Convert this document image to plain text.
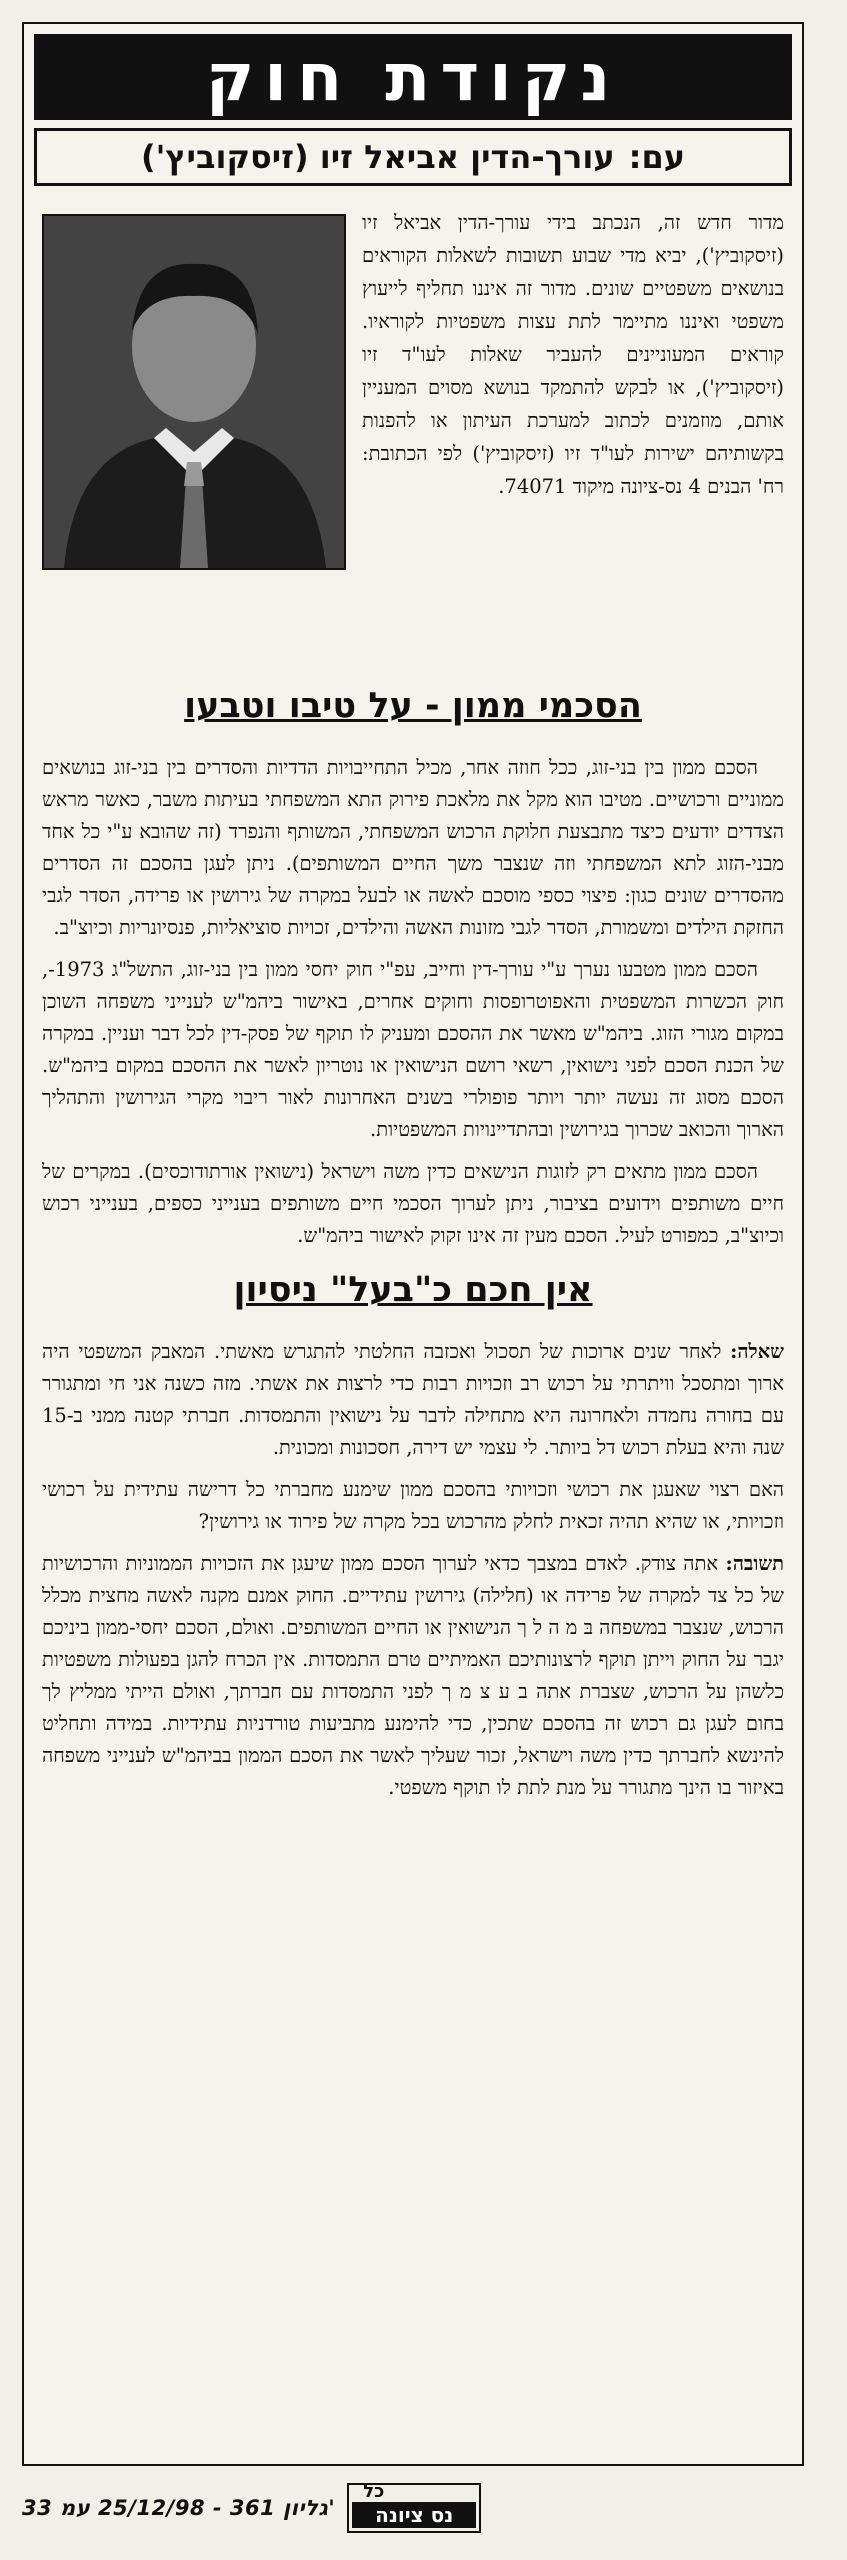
נקודת חוק
עם:
עורך-הדין אביאל זיו (זיסקוביץ')
מדור חדש זה, הנכתב בידי עורך-הדין אביאל זיו (זיסקוביץ'), יביא מדי שבוע תשובות לשאלות הקוראים בנושאים משפטיים שונים. מדור זה איננו תחליף לייעוץ משפטי ואיננו מתיימר לתת עצות משפטיות לקוראיו. קוראים המעוניינים להעביר שאלות לעו"ד זיו (זיסקוביץ'), או לבקש להתמקד בנושא מסוים המעניין אותם, מוזמנים לכתוב למערכת העיתון או להפנות בקשותיהם ישירות לעו"ד זיו (זיסקוביץ') לפי הכתובת: רח' הבנים 4 נס-ציונה מיקוד 74071.
הסכמי ממון - על טיבו וטבעו

הסכם ממון בין בני-זוג, ככל חוזה אחר, מכיל התחייבויות הדדיות והסדרים בין בני-זוג בנושאים ממוניים ורכושיים. מטיבו הוא מקל את מלאכת פירוק התא המשפחתי בעיתות משבר, כאשר מראש הצדדים יודעים כיצד מתבצעת חלוקת הרכוש המשפחתי, המשותף והנפרד (זה שהובא ע"י כל אחד מבני-הזוג לתא המשפחתי וזה שנצבר משך החיים המשותפים). ניתן לעגן בהסכם זה הסדרים מהסדרים שונים כגון: פיצוי כספי מוסכם לאשה או לבעל במקרה של גירושין או פרידה, הסדר לגבי החזקת הילדים ומשמורת, הסדר לגבי מזונות האשה והילדים, זכויות סוציאליות, פנסיונריות וכיוצ"ב.

הסכם ממון מטבעו נערך ע"י עורך-דין וחייב, עפ"י חוק יחסי ממון בין בני-זוג, התשל"ג 1973-, חוק הכשרות המשפטית והאפוטרופסות וחוקים אחרים, באישור ביהמ"ש לענייני משפחה השוכן במקום מגורי הזוג. ביהמ"ש מאשר את ההסכם ומעניק לו תוקף של פסק-דין לכל דבר ועניין. במקרה של הכנת הסכם לפני נישואין, רשאי רושם הנישואין או נוטריון לאשר את ההסכם במקום ביהמ"ש. הסכם מסוג זה נעשה יותר ויותר פופולרי בשנים האחרונות לאור ריבוי מקרי הגירושין והתהליך הארוך והכואב שכרוך בגירושין ובהתדיינויות המשפטיות.

הסכם ממון מתאים רק לזוגות הנישאים כדין משה וישראל (נישואין אורתודוכסים). במקרים של חיים משותפים וידועים בציבור, ניתן לערוך הסכמי חיים משותפים בענייני כספים, בענייני רכוש וכיוצ"ב, כמפורט לעיל. הסכם מעין זה אינו זקוק לאישור ביהמ"ש.

אין חכם כ"בעל" ניסיון

שאלה: לאחר שנים ארוכות של תסכול ואכזבה החלטתי להתגרש מאשתי. המאבק המשפטי היה ארוך ומתסכל וויתרתי על רכוש רב וזכויות רבות כדי לרצות את אשתי. מזה כשנה אני חי ומתגורר עם בחורה נחמדה ולאחרונה היא מתחילה לדבר על נישואין והתמסדות. חברתי קטנה ממני ב-15 שנה והיא בעלת רכוש דל ביותר. לי עצמי יש דירה, חסכונות ומכונית.

האם רצוי שאעגן את רכושי וזכויותי בהסכם ממון שימנע מחברתי כל דרישה עתידית על רכושי וזכויותי, או שהיא תהיה זכאית לחלק מהרכוש בכל מקרה של פירוד או גירושין?

תשובה: אתה צודק. לאדם במצבך כדאי לערוך הסכם ממון שיעגן את הזכויות הממוניות והרכושיות של כל צד למקרה של פרידה או (חלילה) גירושין עתידיים. החוק אמנם מקנה לאשה מחצית מכלל הרכוש, שנצבר במשפחה בּ מ ה ל ך הנישואין או החיים המשותפים. ואולם, הסכם יחסי-ממון ביניכם יגבר על החוק וייתן תוקף לרצונותיכם האמיתיים טרם התמסדות. אין הכרח להגן בפעולות משפטיות כלשהן על הרכוש, שצברת אתה ב ע צ מ ך לפני התמסדות עם חברתך, ואולם הייתי ממליץ לך בחום לעגן גם רכוש זה בהסכם שתכין, כדי להימנע מתביעות טורדניות עתידיות. במידה ותחליט להינשא לחברתך כדין משה וישראל, זכור שעליך לאשר את הסכם הממון בביהמ"ש לענייני משפחה באיזור בו הינך מתגורר על מנת לתת לו תוקף משפטי.

33 גליון 361 - 25/12/98 עמ'
כל
נס ציונה
